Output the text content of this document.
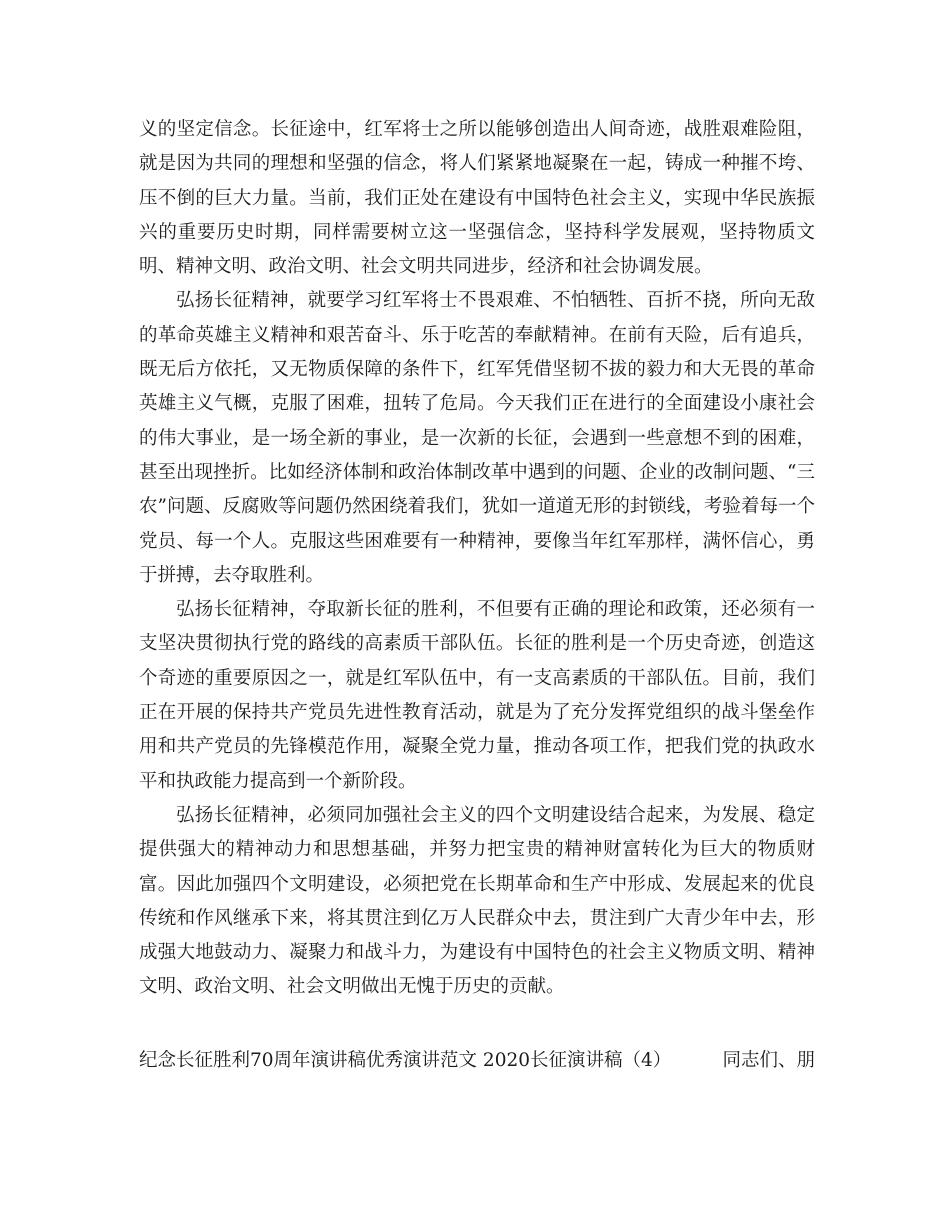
义的坚定信念。长征途中，红军将士之所以能够创造出人间奇迹，战胜艰难险阻，就是因为共同的理想和坚强的信念，将人们紧紧地凝聚在一起，铸成一种摧不垮、压不倒的巨大力量。当前，我们正处在建设有中国特色社会主义，实现中华民族振兴的重要历史时期，同样需要树立这一坚强信念，坚持科学发展观，坚持物质文明、精神文明、政治文明、社会文明共同进步，经济和社会协调发展。

弘扬长征精神，就要学习红军将士不畏艰难、不怕牺牲、百折不挠，所向无敌的革命英雄主义精神和艰苦奋斗、乐于吃苦的奉献精神。在前有天险，后有追兵，既无后方依托，又无物质保障的条件下，红军凭借坚韧不拔的毅力和大无畏的革命英雄主义气概，克服了困难，扭转了危局。今天我们正在进行的全面建设小康社会的伟大事业，是一场全新的事业，是一次新的长征，会遇到一些意想不到的困难，甚至出现挫折。比如经济体制和政治体制改革中遇到的问题、企业的改制问题、“三农”问题、反腐败等问题仍然困绕着我们，犹如一道道无形的封锁线，考验着每一个党员、每一个人。克服这些困难要有一种精神，要像当年红军那样，满怀信心，勇于拼搏，去夺取胜利。

弘扬长征精神，夺取新长征的胜利，不但要有正确的理论和政策，还必须有一支坚决贯彻执行党的路线的高素质干部队伍。长征的胜利是一个历史奇迹，创造这个奇迹的重要原因之一，就是红军队伍中，有一支高素质的干部队伍。目前，我们正在开展的保持共产党员先进性教育活动，就是为了充分发挥党组织的战斗堡垒作用和共产党员的先锋模范作用，凝聚全党力量，推动各项工作，把我们党的执政水平和执政能力提高到一个新阶段。

弘扬长征精神，必须同加强社会主义的四个文明建设结合起来，为发展、稳定提供强大的精神动力和思想基础，并努力把宝贵的精神财富转化为巨大的物质财富。因此加强四个文明建设，必须把党在长期革命和生产中形成、发展起来的优良传统和作风继承下来，将其贯注到亿万人民群众中去，贯注到广大青少年中去，形成强大地鼓动力、凝聚力和战斗力，为建设有中国特色的社会主义物质文明、精神文明、政治文明、社会文明做出无愧于历史的贡献。

纪念长征胜利70周年演讲稿优秀演讲范文 2020长征演讲稿（4）	同志们、朋
